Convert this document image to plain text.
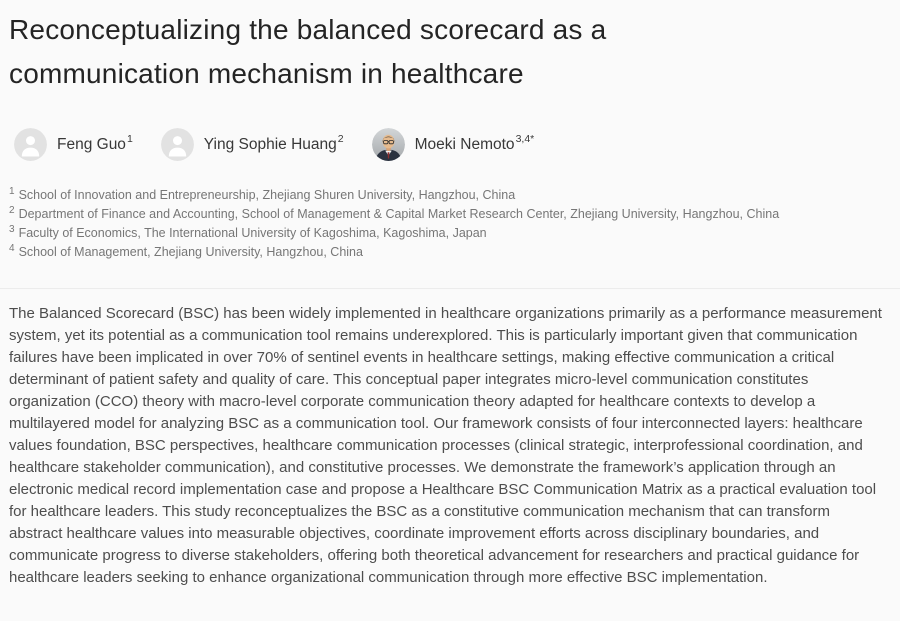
Reconceptualizing the balanced scorecard as a
communication mechanism in healthcare
Feng Guo$^1$	Ying Sophie Huang$^2$	Moeki Nemoto$^{3,4*}$
$^1$ School of Innovation and Entrepreneurship, Zhejiang Shuren University, Hangzhou, China
$^2$ Department of Finance and Accounting, School of Management & Capital Market Research Center, Zhejiang University, Hangzhou, China
$^3$ Faculty of Economics, The International University of Kagoshima, Kagoshima, Japan
$^4$ School of Management, Zhejiang University, Hangzhou, China

The Balanced Scorecard (BSC) has been widely implemented in healthcare organizations primarily as a performance measurement system, yet its potential as a communication tool remains underexplored. This is particularly important given that communication failures have been implicated in over 70% of sentinel events in healthcare settings, making effective communication a critical determinant of patient safety and quality of care. This conceptual paper integrates micro-level communication constitutes organization (CCO) theory with macro-level corporate communication theory adapted for healthcare contexts to develop a multilayered model for analyzing BSC as a communication tool. Our framework consists of four interconnected layers: healthcare values foundation, BSC perspectives, healthcare communication processes (clinical strategic, interprofessional coordination, and healthcare stakeholder communication), and constitutive processes. We demonstrate the framework’s application through an electronic medical record implementation case and propose a Healthcare BSC Communication Matrix as a practical evaluation tool for healthcare leaders. This study reconceptualizes the BSC as a constitutive communication mechanism that can transform abstract healthcare values into measurable objectives, coordinate improvement efforts across disciplinary boundaries, and communicate progress to diverse stakeholders, offering both theoretical advancement for researchers and practical guidance for healthcare leaders seeking to enhance organizational communication through more effective BSC implementation.
